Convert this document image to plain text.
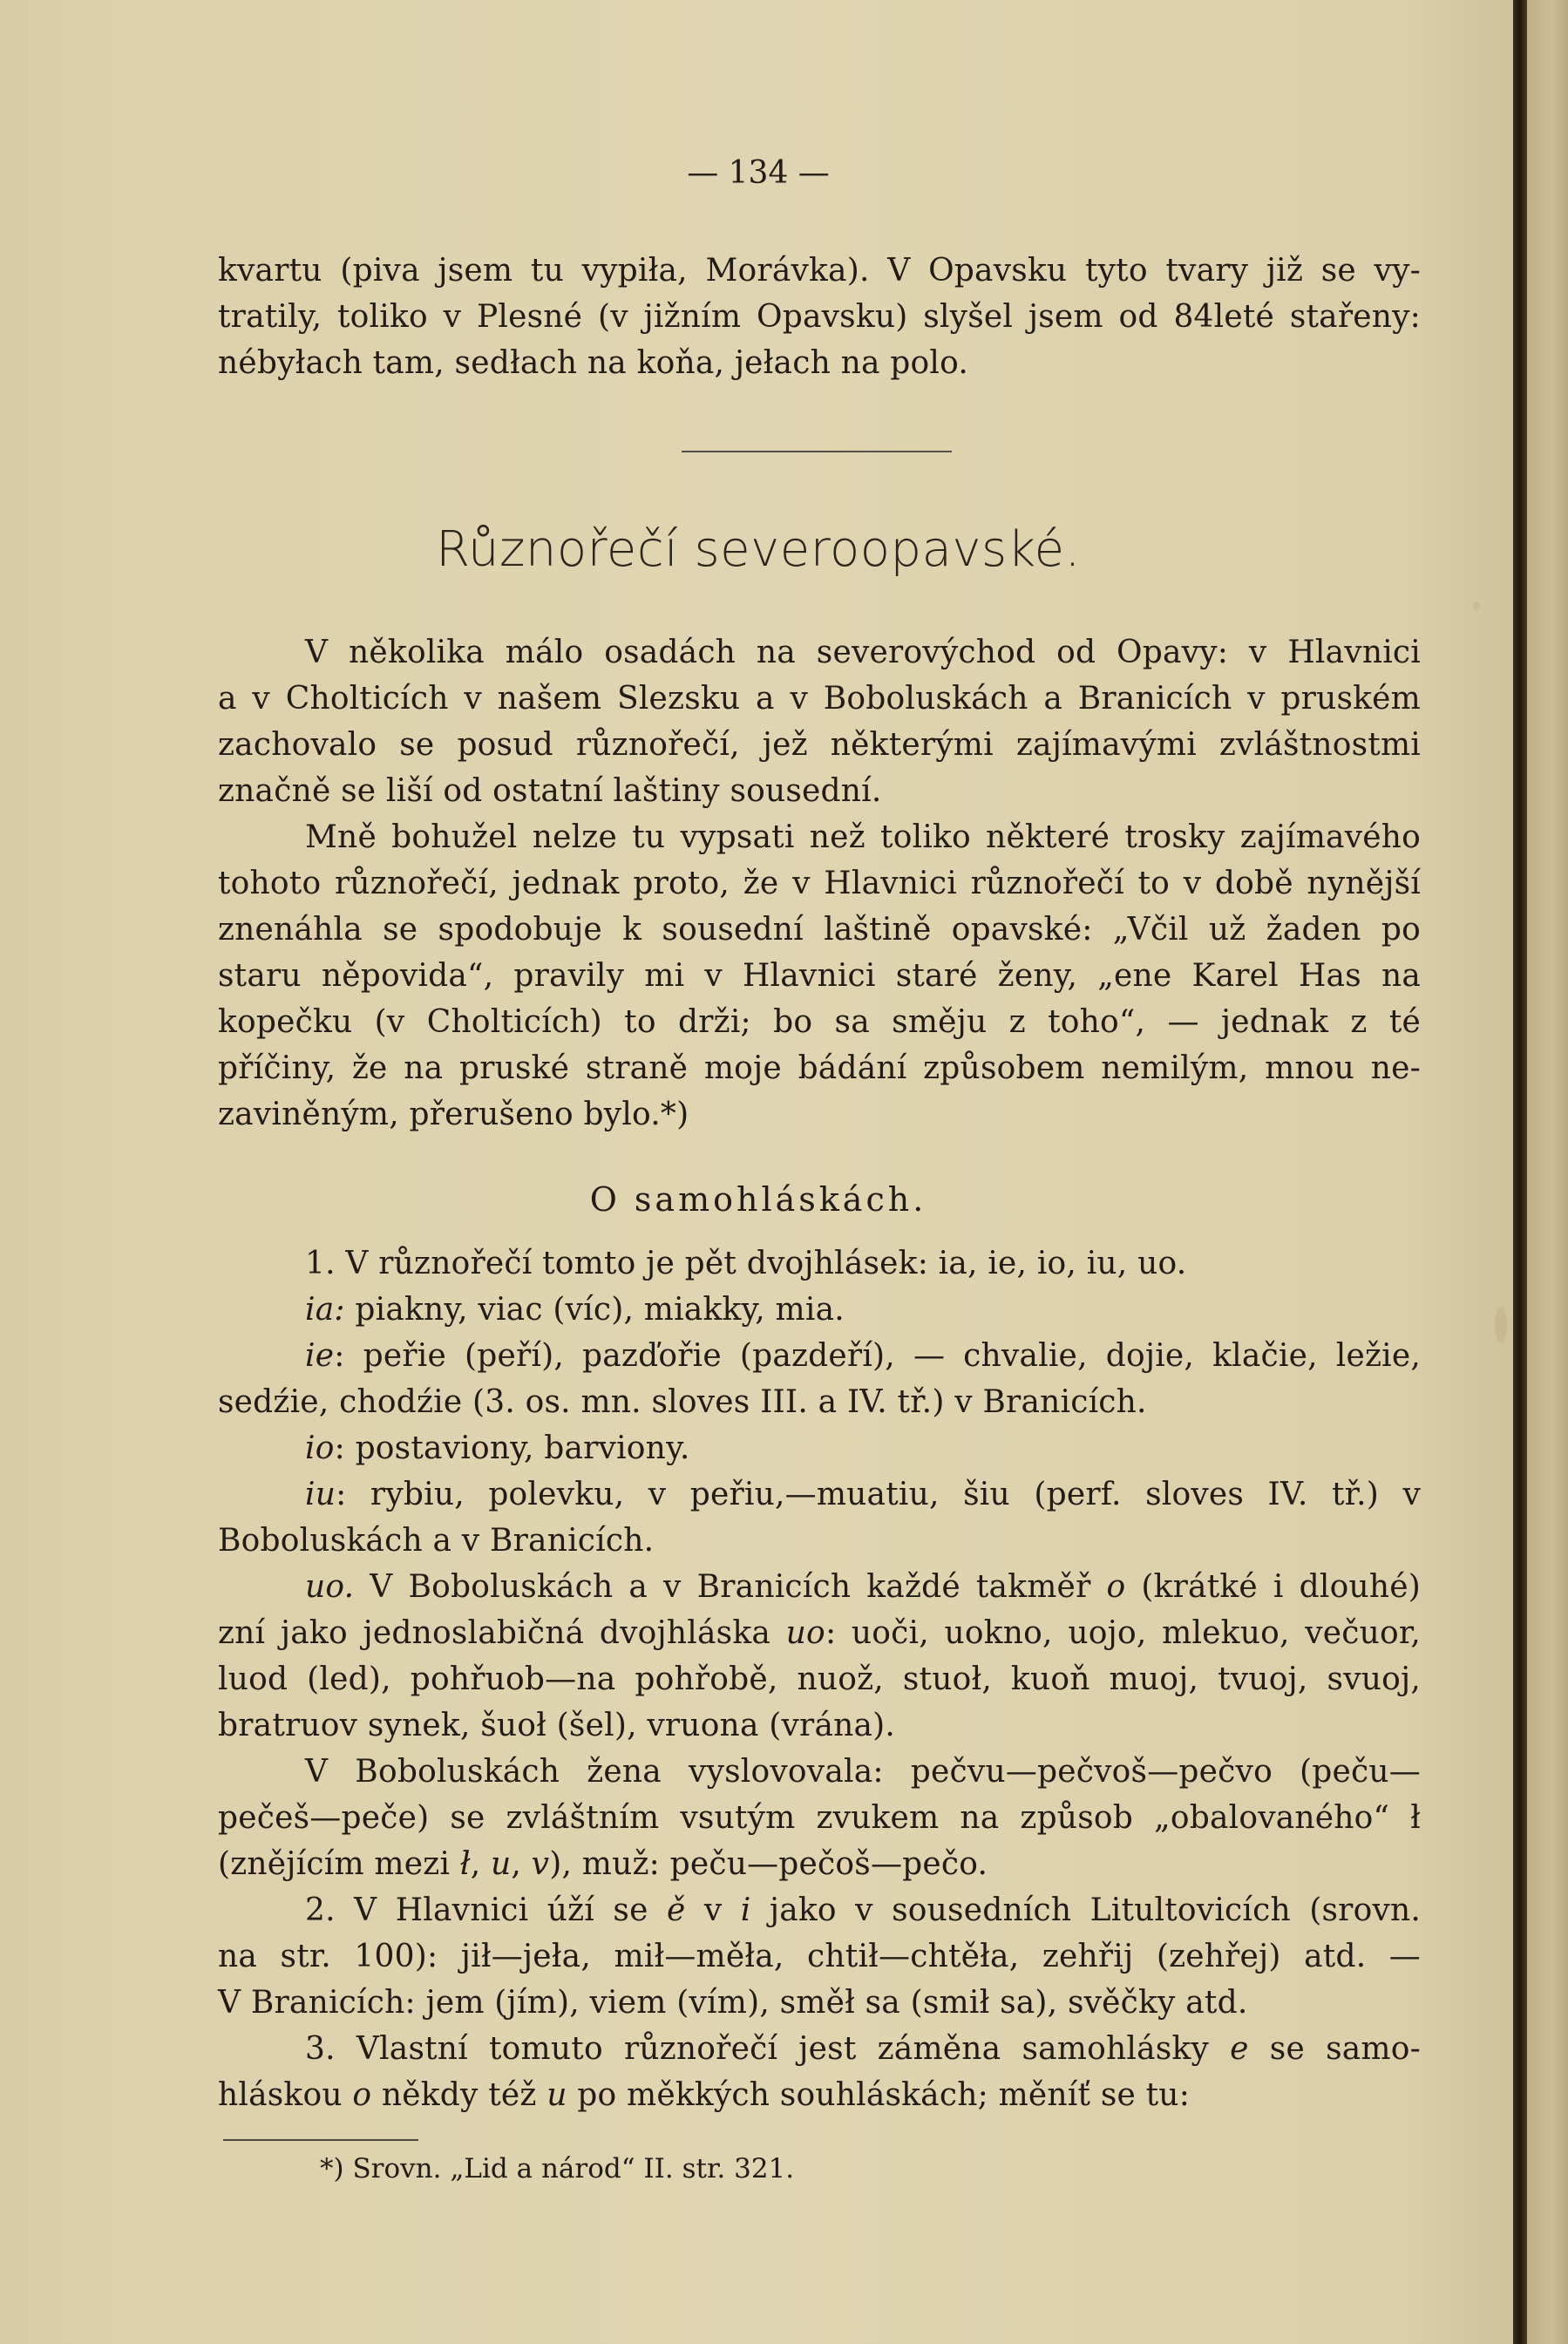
— 134 —
kvartu (piva jsem tu vypiła, Morávka). V Opavsku tyto tvary již se vy-
tratily, toliko v Plesné (v jižním Opavsku) slyšel jsem od 84leté stařeny:
nébyłach tam, sedłach na koňa, jełach na polo.
Různořečí severoopavské.
V několika málo osadách na severovýchod od Opavy: v Hlavnici
a v Cholticích v našem Slezsku a v Boboluskách a Branicích v pruském
zachovalo se posud různořečí, jež některými zajímavými zvláštnostmi
značně se liší od ostatní laštiny sousední.
Mně bohužel nelze tu vypsati než toliko některé trosky zajímavého
tohoto různořečí, jednak proto, že v Hlavnici různořečí to v době nynější
znenáhla se spodobuje k sousední laštině opavské: „Včil už žaden po
staru něpovida“, pravily mi v Hlavnici staré ženy, „ene Karel Has na
kopečku (v Cholticích) to drži; bo sa směju z toho“, — jednak z té
příčiny, že na pruské straně moje bádání způsobem nemilým, mnou ne-
zaviněným, přerušeno bylo.*)
O samohláskách.
1. V různořečí tomto je pět dvojhlásek: ia, ie, io, iu, uo.
ia: piakny, viac (víc), miakky, mia.
ie: peřie (peří), pazďořie (pazdeří), — chvalie, dojie, klačie, ležie,
sedźie, chodźie (3. os. mn. sloves III. a IV. tř.) v Branicích.
io: postaviony, barviony.
iu: rybiu, polevku, v peřiu,—muatiu, šiu (perf. sloves IV. tř.) v
Boboluskách a v Branicích.
uo. V Boboluskách a v Branicích každé takměř o (krátké i dlouhé)
zní jako jednoslabičná dvojhláska uo: uoči, uokno, uojo, mlekuo, večuor,
luod (led), pohřuob—na pohřobě, nuož, stuoł, kuoň muoj, tvuoj, svuoj,
bratruov synek, šuoł (šel), vruona (vrána).
V Boboluskách žena vyslovovala: pečvu—pečvoš—pečvo (peču—
pečeš—peče) se zvláštním vsutým zvukem na způsob „obalovaného“ ł
(znějícím mezi ł, u, v), muž: peču—pečoš—pečo.
2. V Hlavnici úží se ě v i jako v sousedních Litultovicích (srovn.
na str. 100): jił—jeła, mił—měła, chtił—chtěła, zehřij (zehřej) atd. —
V Branicích: jem (jím), viem (vím), směł sa (smił sa), svěčky atd.
3. Vlastní tomuto různořečí jest záměna samohlásky e se samo-
hláskou o někdy též u po měkkých souhláskách; měníť se tu:
*) Srovn. „Lid a národ“ II. str. 321.
